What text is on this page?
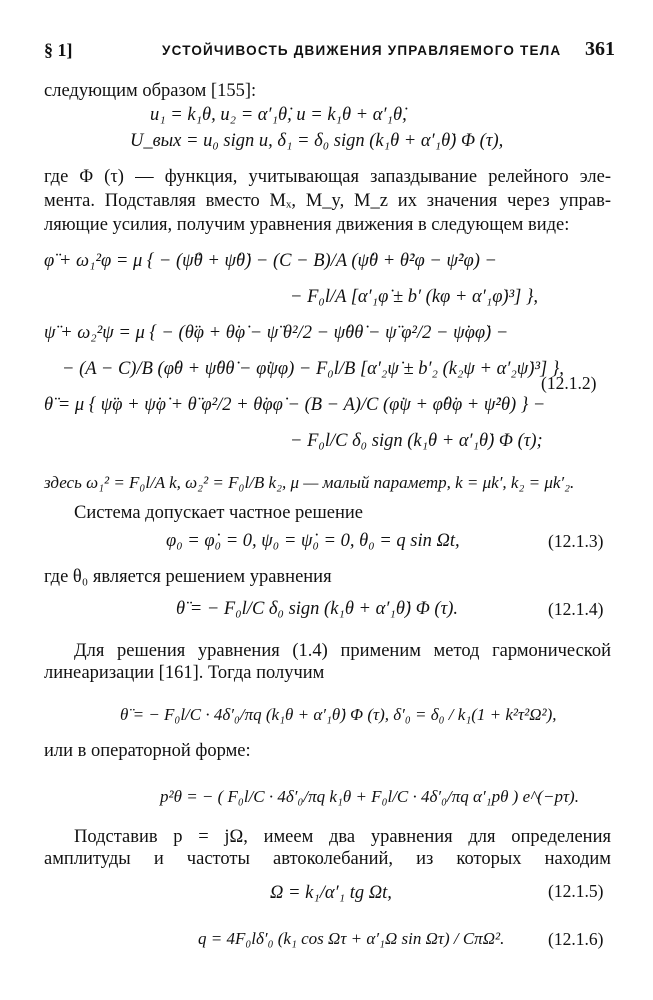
§ 1]	УСТОЙЧИВОСТЬ ДВИЖЕНИЯ УПРАВЛЯЕМОГО ТЕЛА 361
следующим образом [155]:
u₁ = k₁θ, u₂ = α′₁θ̇, u = k₁θ + α′₁θ̇,
U_вых = u₀ sign u, δ₁ = δ₀ sign (k₁θ + α′₁θ̇) Φ (τ),
где Φ (τ) — функция, учитывающая запаздывание релейного эле-
мента. Подставляя вместо Mₓ, M_y, M_z их значения через управ-
ляющие усилия, получим уравнения движения в следующем виде:
φ̈ + ω₁²φ = μ { − (ψ̈θ + ψ̇θ̇) − (C − B)/A (ψ̇θ + θ̇²φ − ψ̇²φ) −
− F₀l/A [α′₁φ̇ ± b′ (kφ + α′₁φ̇)³] },
ψ̈ + ω₂²ψ = μ { − (θ̈φ + θ̇φ̇ − ψ̈ θ²/2 − ψ̇θθ̇ − ψ̈ φ²/2 − ψ̇φφ̇) −
− (A − C)/B (φ̇θ + ψ̇θθ̇ − φ̇ψφ) − F₀l/B [α′₂ψ̇ ± b′₂ (k₂ψ + α′₂ψ̇)³] },
θ̈ = μ { ψ̈φ + ψ̇φ̇ + θ̈ φ²/2 + θ̇φφ̇ − (B − A)/C (φ̇ψ + φ̇θ̇φ + ψ̇²θ) } −
− F₀l/C δ₀ sign (k₁θ + α′₁θ̇) Φ (τ);
(12.1.2)
здесь ω₁² = F₀l/A k, ω₂² = F₀l/B k₂, μ — малый параметр, k = μk′, k₂ = μk′₂.
Система допускает частное решение
φ₀ = φ̇₀ = 0, ψ₀ = ψ̇₀ = 0, θ₀ = q sin Ωt,	(12.1.3)
где θ₀ является решением уравнения
θ̈ = − F₀l/C δ₀ sign (k₁θ + α′₁θ̇) Φ (τ).	(12.1.4)
Для решения уравнения (1.4) применим метод гармонической
линеаризации [161]. Тогда получим
θ̈ = − F₀l/C · 4δ′₀/πq (k₁θ + α′₁θ̇) Φ (τ), δ′₀ = δ₀ / k₁(1 + k²τ²Ω²),
или в операторной форме:
p²θ = − ( F₀l/C · 4δ′₀/πq k₁θ + F₀l/C · 4δ′₀/πq α′₁pθ ) e^(−pτ).
Подставив p = jΩ, имеем два уравнения для определения
амплитуды и частоты автоколебаний, из которых находим
Ω = k₁/α′₁ tg Ωt,	(12.1.5)
q = 4F₀lδ′₀ (k₁ cos Ωτ + α′₁Ω sin Ωτ) / CπΩ². (12.1.6)
